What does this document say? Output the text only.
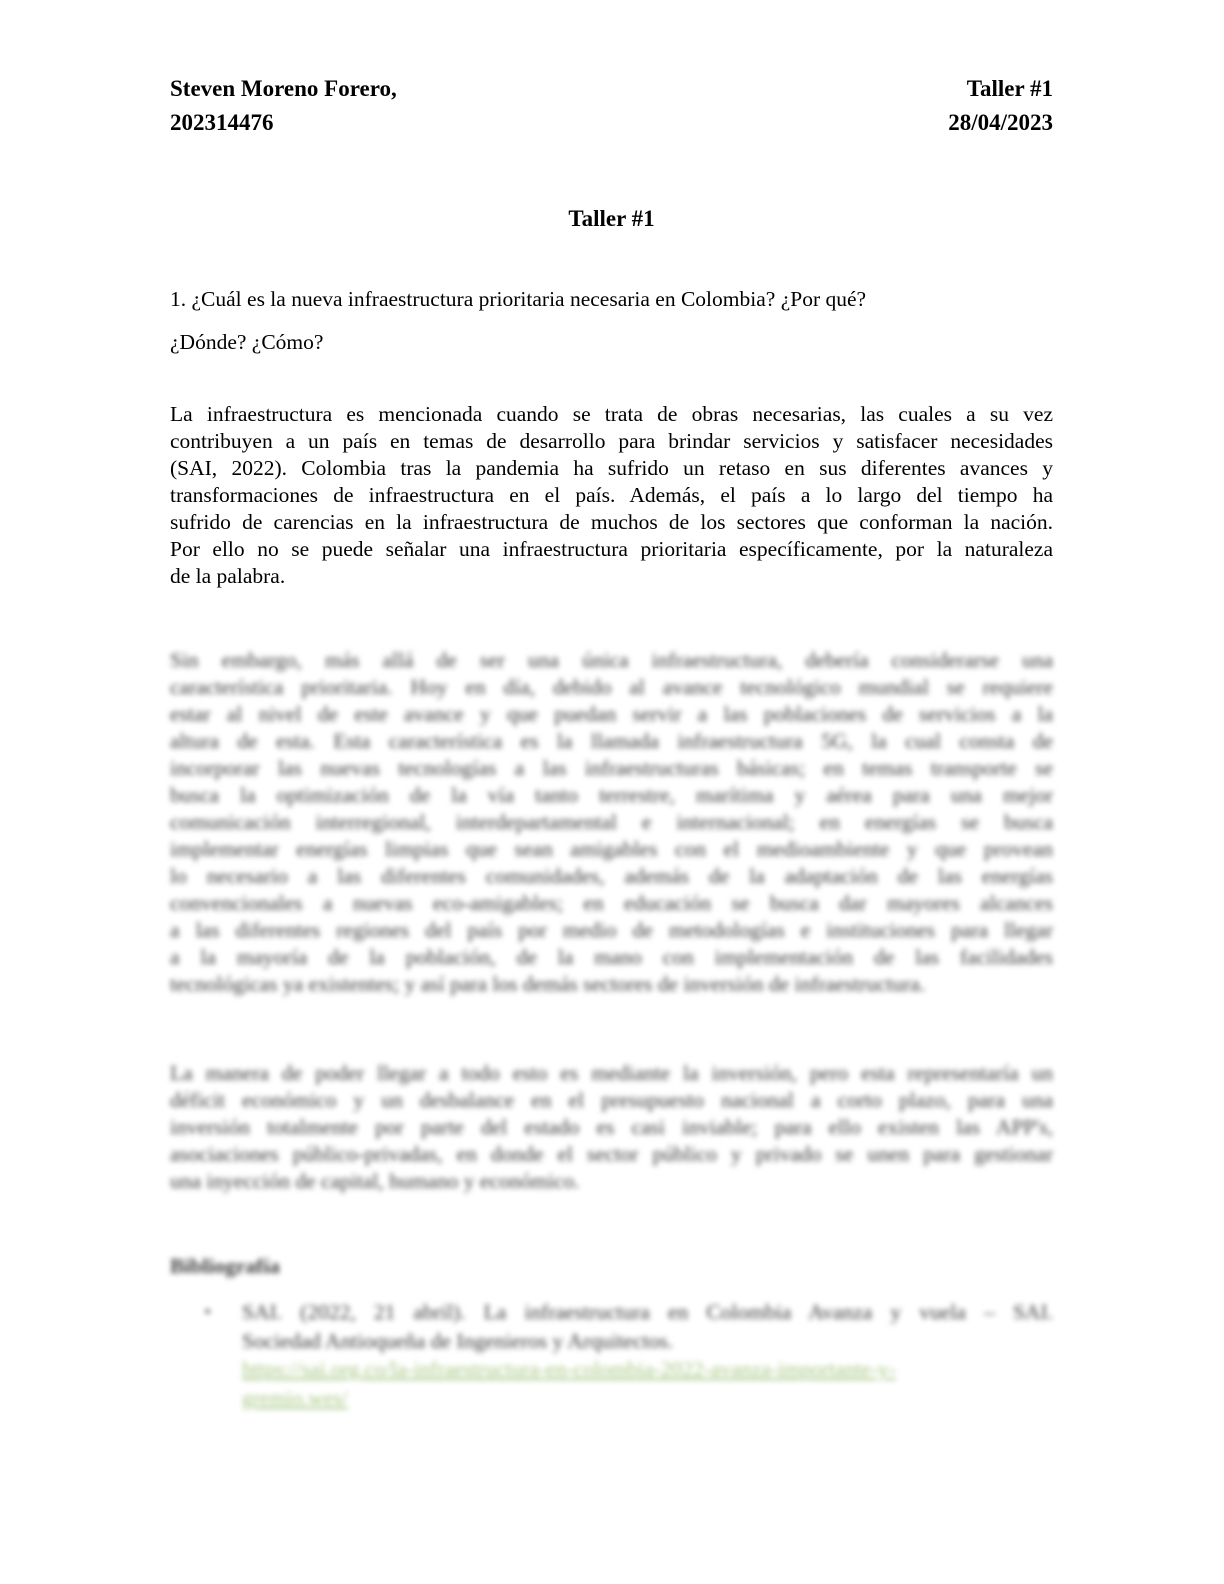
Steven Moreno Forero,
202314476
Taller #1
28/04/2023
Taller #1
1. ¿Cuál es la nueva infraestructura prioritaria necesaria en Colombia? ¿Por qué?
¿Dónde? ¿Cómo?
La infraestructura es mencionada cuando se trata de obras necesarias, las cuales a su vez
contribuyen a un país en temas de desarrollo para brindar servicios y satisfacer necesidades
(SAI, 2022). Colombia tras la pandemia ha sufrido un retaso en sus diferentes avances y
transformaciones de infraestructura en el país. Además, el país a lo largo del tiempo ha
sufrido de carencias en la infraestructura de muchos de los sectores que conforman la nación.
Por ello no se puede señalar una infraestructura prioritaria específicamente, por la naturaleza
de la palabra.
Sin embargo, más allá de ser una única infraestructura, debería considerarse una
característica prioritaria. Hoy en día, debido al avance tecnológico mundial se requiere
estar al nivel de este avance y que puedan servir a las poblaciones de servicios a la
altura de esta. Esta característica es la llamada infraestructura 5G, la cual consta de
incorporar las nuevas tecnologías a las infraestructuras básicas; en temas transporte se
busca la optimización de la vía tanto terrestre, marítima y aérea para una mejor
comunicación interregional, interdepartamental e internacional; en energías se busca
implementar energías limpias que sean amigables con el medioambiente y que provean
lo necesario a las diferentes comunidades, además de la adaptación de las energías
convencionales a nuevas eco-amigables; en educación se busca dar mayores alcances
a las diferentes regiones del país por medio de metodologías e instituciones para llegar
a la mayoría de la población, de la mano con implementación de las facilidades
tecnológicas ya existentes; y así para los demás sectores de inversión de infraestructura.
La manera de poder llegar a todo esto es mediante la inversión, pero esta representaría un
déficit económico y un desbalance en el presupuesto nacional a corto plazo, para una
inversión totalmente por parte del estado es casi inviable; para ello existen las APP's,
asociaciones público-privadas, en donde el sector público y privado se unen para gestionar
una inyección de capital, humano y económico.
Bibliografía
▪ SAI. (2022, 21 abril). La infraestructura en Colombia Avanza y vuela – SAI.
Sociedad Antioqueña de Ingenieros y Arquitectos.
https://sai.org.co/la-infraestructura-en-colombia-2022-avanza-importante-y-
gremio.wes/
